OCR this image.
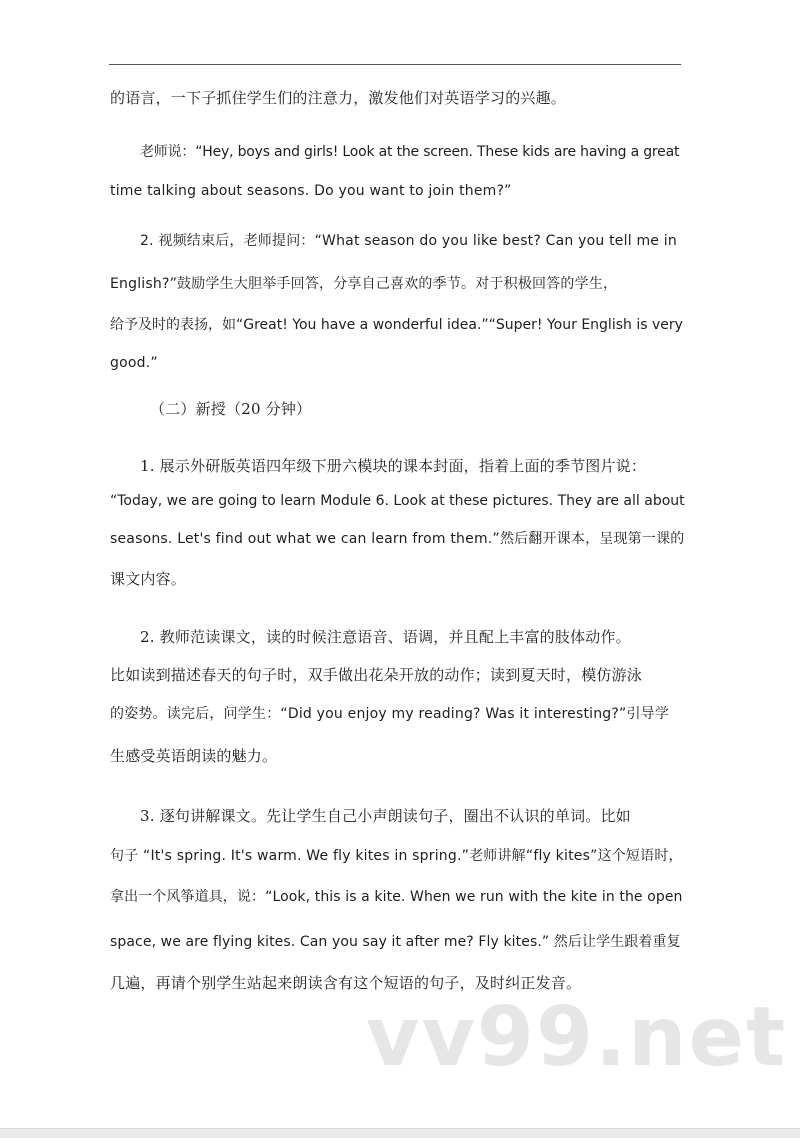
的语言，一下子抓住学生们的注意力，激发他们对英语学习的兴趣。
老师说：“Hey, boys and girls! Look at the screen. These kids are having a great
time talking about seasons. Do you want to join them?”
2. 视频结束后，老师提问：“What season do you like best? Can you tell me in
English?”鼓励学生大胆举手回答，分享自己喜欢的季节。对于积极回答的学生，
给予及时的表扬，如“Great! You have a wonderful idea.”“Super! Your English is very
good.”
（二）新授（20 分钟）
1. 展示外研版英语四年级下册六模块的课本封面，指着上面的季节图片说：
“Today, we are going to learn Module 6. Look at these pictures. They are all about
seasons. Let's find out what we can learn from them.”然后翻开课本，呈现第一课的
课文内容。
2. 教师范读课文，读的时候注意语音、语调，并且配上丰富的肢体动作。
比如读到描述春天的句子时，双手做出花朵开放的动作；读到夏天时，模仿游泳
的姿势。读完后，问学生：“Did you enjoy my reading? Was it interesting?”引导学
生感受英语朗读的魅力。
3. 逐句讲解课文。先让学生自己小声朗读句子，圈出不认识的单词。比如
句子 “It's spring. It's warm. We fly kites in spring.”老师讲解“fly kites”这个短语时，
拿出一个风筝道具，说：“Look, this is a kite. When we run with the kite in the open
space, we are flying kites. Can you say it after me? Fly kites.” 然后让学生跟着重复
几遍，再请个别学生站起来朗读含有这个短语的句子，及时纠正发音。
vv99.net
